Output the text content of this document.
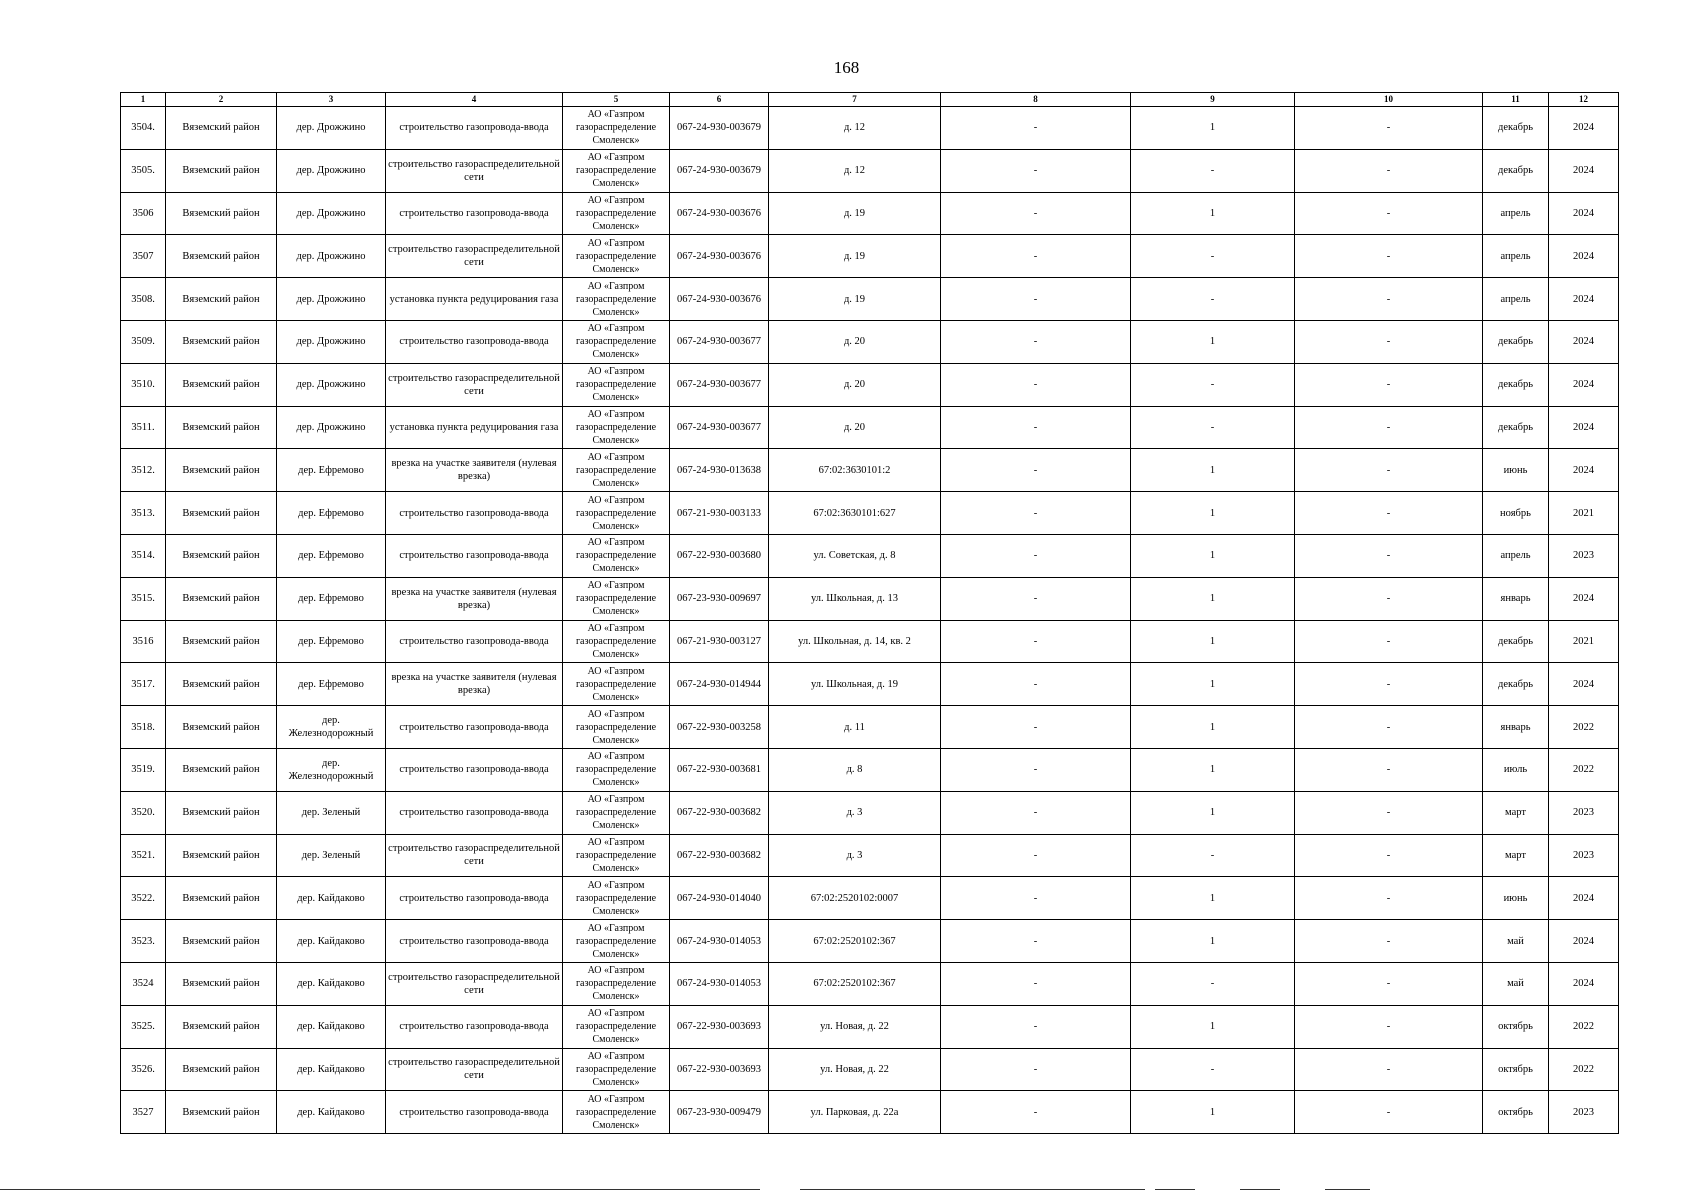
168
1	2	3	4	5	6	7	8	9	10	11	12
3504.	Вяземский район	дер. Дрожжино	строительство газопровода-ввода	АО «Газпром газораспределение Смоленск»	067-24-930-003679	д. 12	-	1	-	декабрь	2024
3505.	Вяземский район	дер. Дрожжино	строительство газораспределительной сети	АО «Газпром газораспределение Смоленск»	067-24-930-003679	д. 12	-	-	-	декабрь	2024
3506	Вяземский район	дер. Дрожжино	строительство газопровода-ввода	АО «Газпром газораспределение Смоленск»	067-24-930-003676	д. 19	-	1	-	апрель	2024
3507	Вяземский район	дер. Дрожжино	строительство газораспределительной сети	АО «Газпром газораспределение Смоленск»	067-24-930-003676	д. 19	-	-	-	апрель	2024
3508.	Вяземский район	дер. Дрожжино	установка пункта редуцирования газа	АО «Газпром газораспределение Смоленск»	067-24-930-003676	д. 19	-	-	-	апрель	2024
3509.	Вяземский район	дер. Дрожжино	строительство газопровода-ввода	АО «Газпром газораспределение Смоленск»	067-24-930-003677	д. 20	-	1	-	декабрь	2024
3510.	Вяземский район	дер. Дрожжино	строительство газораспределительной сети	АО «Газпром газораспределение Смоленск»	067-24-930-003677	д. 20	-	-	-	декабрь	2024
3511.	Вяземский район	дер. Дрожжино	установка пункта редуцирования газа	АО «Газпром газораспределение Смоленск»	067-24-930-003677	д. 20	-	-	-	декабрь	2024
3512.	Вяземский район	дер. Ефремово	врезка на участке заявителя (нулевая врезка)	АО «Газпром газораспределение Смоленск»	067-24-930-013638	67:02:3630101:2	-	1	-	июнь	2024
3513.	Вяземский район	дер. Ефремово	строительство газопровода-ввода	АО «Газпром газораспределение Смоленск»	067-21-930-003133	67:02:3630101:627	-	1	-	ноябрь	2021
3514.	Вяземский район	дер. Ефремово	строительство газопровода-ввода	АО «Газпром газораспределение Смоленск»	067-22-930-003680	ул. Советская, д. 8	-	1	-	апрель	2023
3515.	Вяземский район	дер. Ефремово	врезка на участке заявителя (нулевая врезка)	АО «Газпром газораспределение Смоленск»	067-23-930-009697	ул. Школьная, д. 13	-	1	-	январь	2024
3516	Вяземский район	дер. Ефремово	строительство газопровода-ввода	АО «Газпром газораспределение Смоленск»	067-21-930-003127	ул. Школьная, д. 14, кв. 2	-	1	-	декабрь	2021
3517.	Вяземский район	дер. Ефремово	врезка на участке заявителя (нулевая врезка)	АО «Газпром газораспределение Смоленск»	067-24-930-014944	ул. Школьная, д. 19	-	1	-	декабрь	2024
3518.	Вяземский район	дер. Железнодорожный	строительство газопровода-ввода	АО «Газпром газораспределение Смоленск»	067-22-930-003258	д. 11	-	1	-	январь	2022
3519.	Вяземский район	дер. Железнодорожный	строительство газопровода-ввода	АО «Газпром газораспределение Смоленск»	067-22-930-003681	д. 8	-	1	-	июль	2022
3520.	Вяземский район	дер. Зеленый	строительство газопровода-ввода	АО «Газпром газораспределение Смоленск»	067-22-930-003682	д. 3	-	1	-	март	2023
3521.	Вяземский район	дер. Зеленый	строительство газораспределительной сети	АО «Газпром газораспределение Смоленск»	067-22-930-003682	д. 3	-	-	-	март	2023
3522.	Вяземский район	дер. Кайдаково	строительство газопровода-ввода	АО «Газпром газораспределение Смоленск»	067-24-930-014040	67:02:2520102:0007	-	1	-	июнь	2024
3523.	Вяземский район	дер. Кайдаково	строительство газопровода-ввода	АО «Газпром газораспределение Смоленск»	067-24-930-014053	67:02:2520102:367	-	1	-	май	2024
3524	Вяземский район	дер. Кайдаково	строительство газораспределительной сети	АО «Газпром газораспределение Смоленск»	067-24-930-014053	67:02:2520102:367	-	-	-	май	2024
3525.	Вяземский район	дер. Кайдаково	строительство газопровода-ввода	АО «Газпром газораспределение Смоленск»	067-22-930-003693	ул. Новая, д. 22	-	1	-	октябрь	2022
3526.	Вяземский район	дер. Кайдаково	строительство газораспределительной сети	АО «Газпром газораспределение Смоленск»	067-22-930-003693	ул. Новая, д. 22	-	-	-	октябрь	2022
3527	Вяземский район	дер. Кайдаково	строительство газопровода-ввода	АО «Газпром газораспределение Смоленск»	067-23-930-009479	ул. Парковая, д. 22а	-	1	-	октябрь	2023
